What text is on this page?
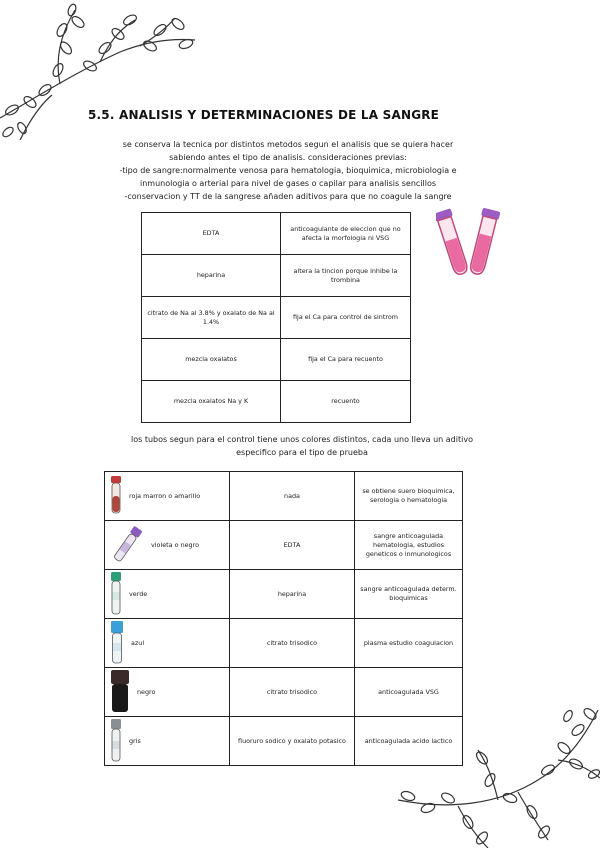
5.5. ANALISIS Y DETERMINACIONES DE LA SANGRE

se conserva la tecnica por distintos metodos segun el analisis que se quiera hacer

sabiendo antes el tipo de analisis. consideraciones previas:

-tipo de sangre:normalmente venosa para hematologia, bioquimica, microbiologia e

inmunologia o arterial para nivel de gases o capilar para analisis sencillos

-conservacion y TT de la sangrese añaden aditivos para que no coagule la sangre

EDTA	anticoagulante de eleccion que no afecta la morfologia ni VSG
heparina	altera la tincion porque inhibe la trombina
citrato de Na al 3.8% y oxalato de Na al 1.4%	fija el Ca para control de sintrom
mezcla oxalatos	fija el Ca para recuento
mezcla oxalatos Na y K	recuento

los tubos segun para el control tiene unos colores distintos, cada uno lleva un aditivo

especifico para el tipo de prueba

roja marron o amarillo	nada	se obtiene suero bioquimica, serologia o hematologia

violeta o negro	EDTA	sangre anticoagulada hematologia, estudios geneticos o inmunologicos

verde	heparina	sangre anticoagulada determ. bioquimicas

azul	citrato trisodico	plasma estudio coagulacion

negro	citrato trisodico	anticoagulada VSG

gris	fluoruro sodico y oxalato potasico	anticoagulada acido lactico
